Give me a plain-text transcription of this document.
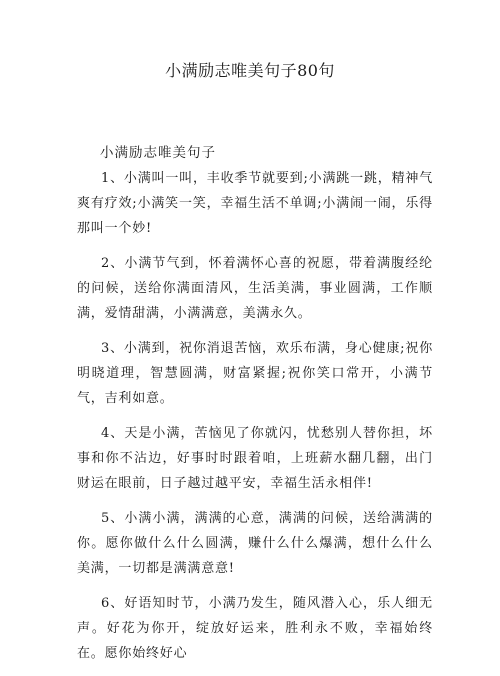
小满励志唯美句子80句
小满励志唯美句子

1、小满叫一叫，丰收季节就要到;小满跳一跳，精神气爽有疗效;小满笑一笑，幸福生活不单调;小满闹一闹，乐得那叫一个妙!

2、小满节气到，怀着满怀心喜的祝愿，带着满腹经纶的问候，送给你满面清风，生活美满，事业圆满，工作顺满，爱情甜满，小满满意，美满永久。

3、小满到，祝你消退苦恼，欢乐布满，身心健康;祝你明晓道理，智慧圆满，财富紧握;祝你笑口常开，小满节气，吉利如意。

4、天是小满，苦恼见了你就闪，忧愁别人替你担，坏事和你不沾边，好事时时跟着咱，上班薪水翻几翻，出门财运在眼前，日子越过越平安，幸福生活永相伴!

5、小满小满，满满的心意，满满的问候，送给满满的你。愿你做什么什么圆满，赚什么什么爆满，想什么什么美满，一切都是满满意意!

6、好语知时节，小满乃发生，随风潜入心，乐人细无声。好花为你开，绽放好运来，胜利永不败，幸福始终在。愿你始终好心
